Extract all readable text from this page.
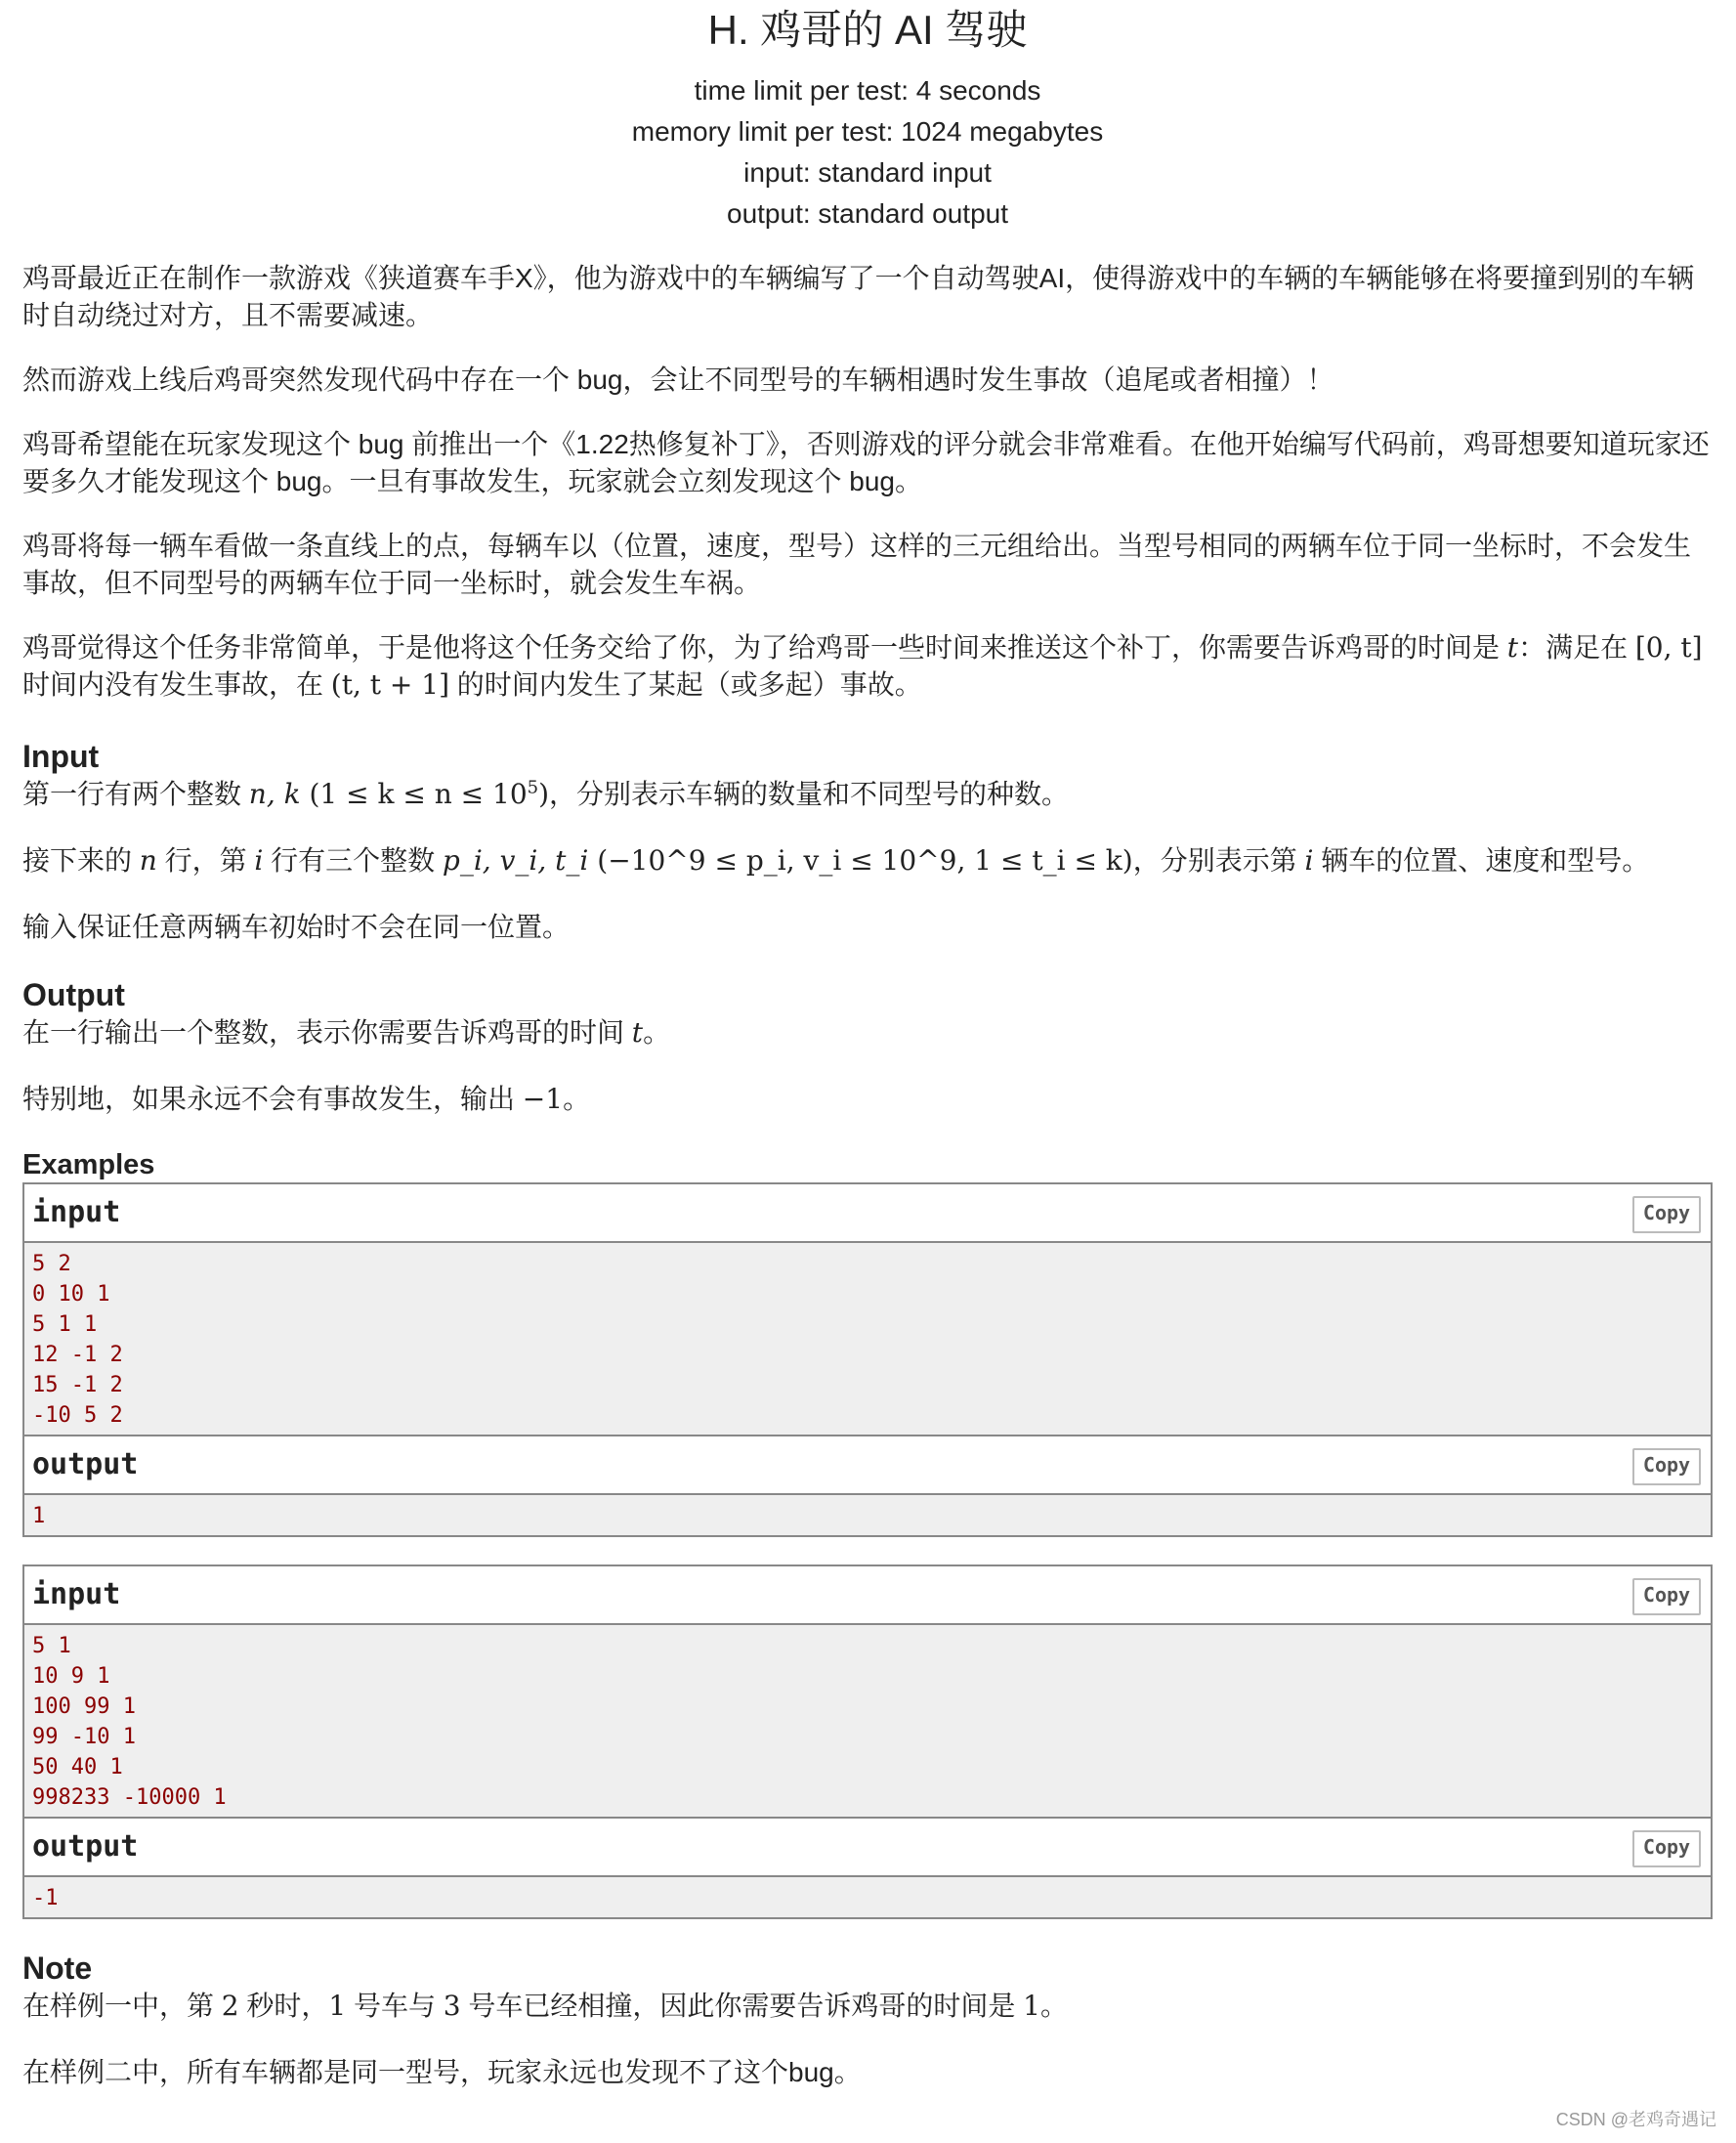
H. 鸡哥的 AI 驾驶
time limit per test: 4 seconds
memory limit per test: 1024 megabytes
input: standard input
output: standard output

鸡哥最近正在制作一款游戏《狭道赛车手X》，他为游戏中的车辆编写了一个自动驾驶AI，使得游戏中的车辆的车辆能够在将要撞到别的车辆时自动绕过对方，且不需要减速。

然而游戏上线后鸡哥突然发现代码中存在一个 bug，会让不同型号的车辆相遇时发生事故（追尾或者相撞）！

鸡哥希望能在玩家发现这个 bug 前推出一个《1.22热修复补丁》，否则游戏的评分就会非常难看。在他开始编写代码前，鸡哥想要知道玩家还要多久才能发现这个 bug。一旦有事故发生，玩家就会立刻发现这个 bug。

鸡哥将每一辆车看做一条直线上的点，每辆车以（位置，速度，型号）这样的三元组给出。当型号相同的两辆车位于同一坐标时，不会发生事故，但不同型号的两辆车位于同一坐标时，就会发生车祸。

鸡哥觉得这个任务非常简单，于是他将这个任务交给了你，为了给鸡哥一些时间来推送这个补丁，你需要告诉鸡哥的时间是 t：满足在 [0, t] 时间内没有发生事故，在 (t, t + 1] 的时间内发生了某起（或多起）事故。

Input

第一行有两个整数 n, k $(1 \le k \le n \le 10^5)$，分别表示车辆的数量和不同型号的种数。

接下来的 n 行，第 i 行有三个整数 p_i, v_i, t_i (−10^9 ≤ p_i, v_i ≤ 10^9, 1 ≤ t_i ≤ k)，分别表示第 i 辆车的位置、速度和型号。

输入保证任意两辆车初始时不会在同一位置。

Output

在一行输出一个整数，表示你需要告诉鸡哥的时间 t。

特别地，如果永远不会有事故发生，输出 −1。

Examples
input	Copy
5 2
0 10 1
5 1 1
12 -1 2
15 -1 2
-10 5 2
output	Copy
1
input	Copy
5 1
10 9 1
100 99 1
99 -10 1
50 40 1
998233 -10000 1
output	Copy
-1
Note

在样例一中，第 2 秒时，1 号车与 3 号车已经相撞，因此你需要告诉鸡哥的时间是 1。

在样例二中，所有车辆都是同一型号，玩家永远也发现不了这个bug。

CSDN @老鸡奇遇记
